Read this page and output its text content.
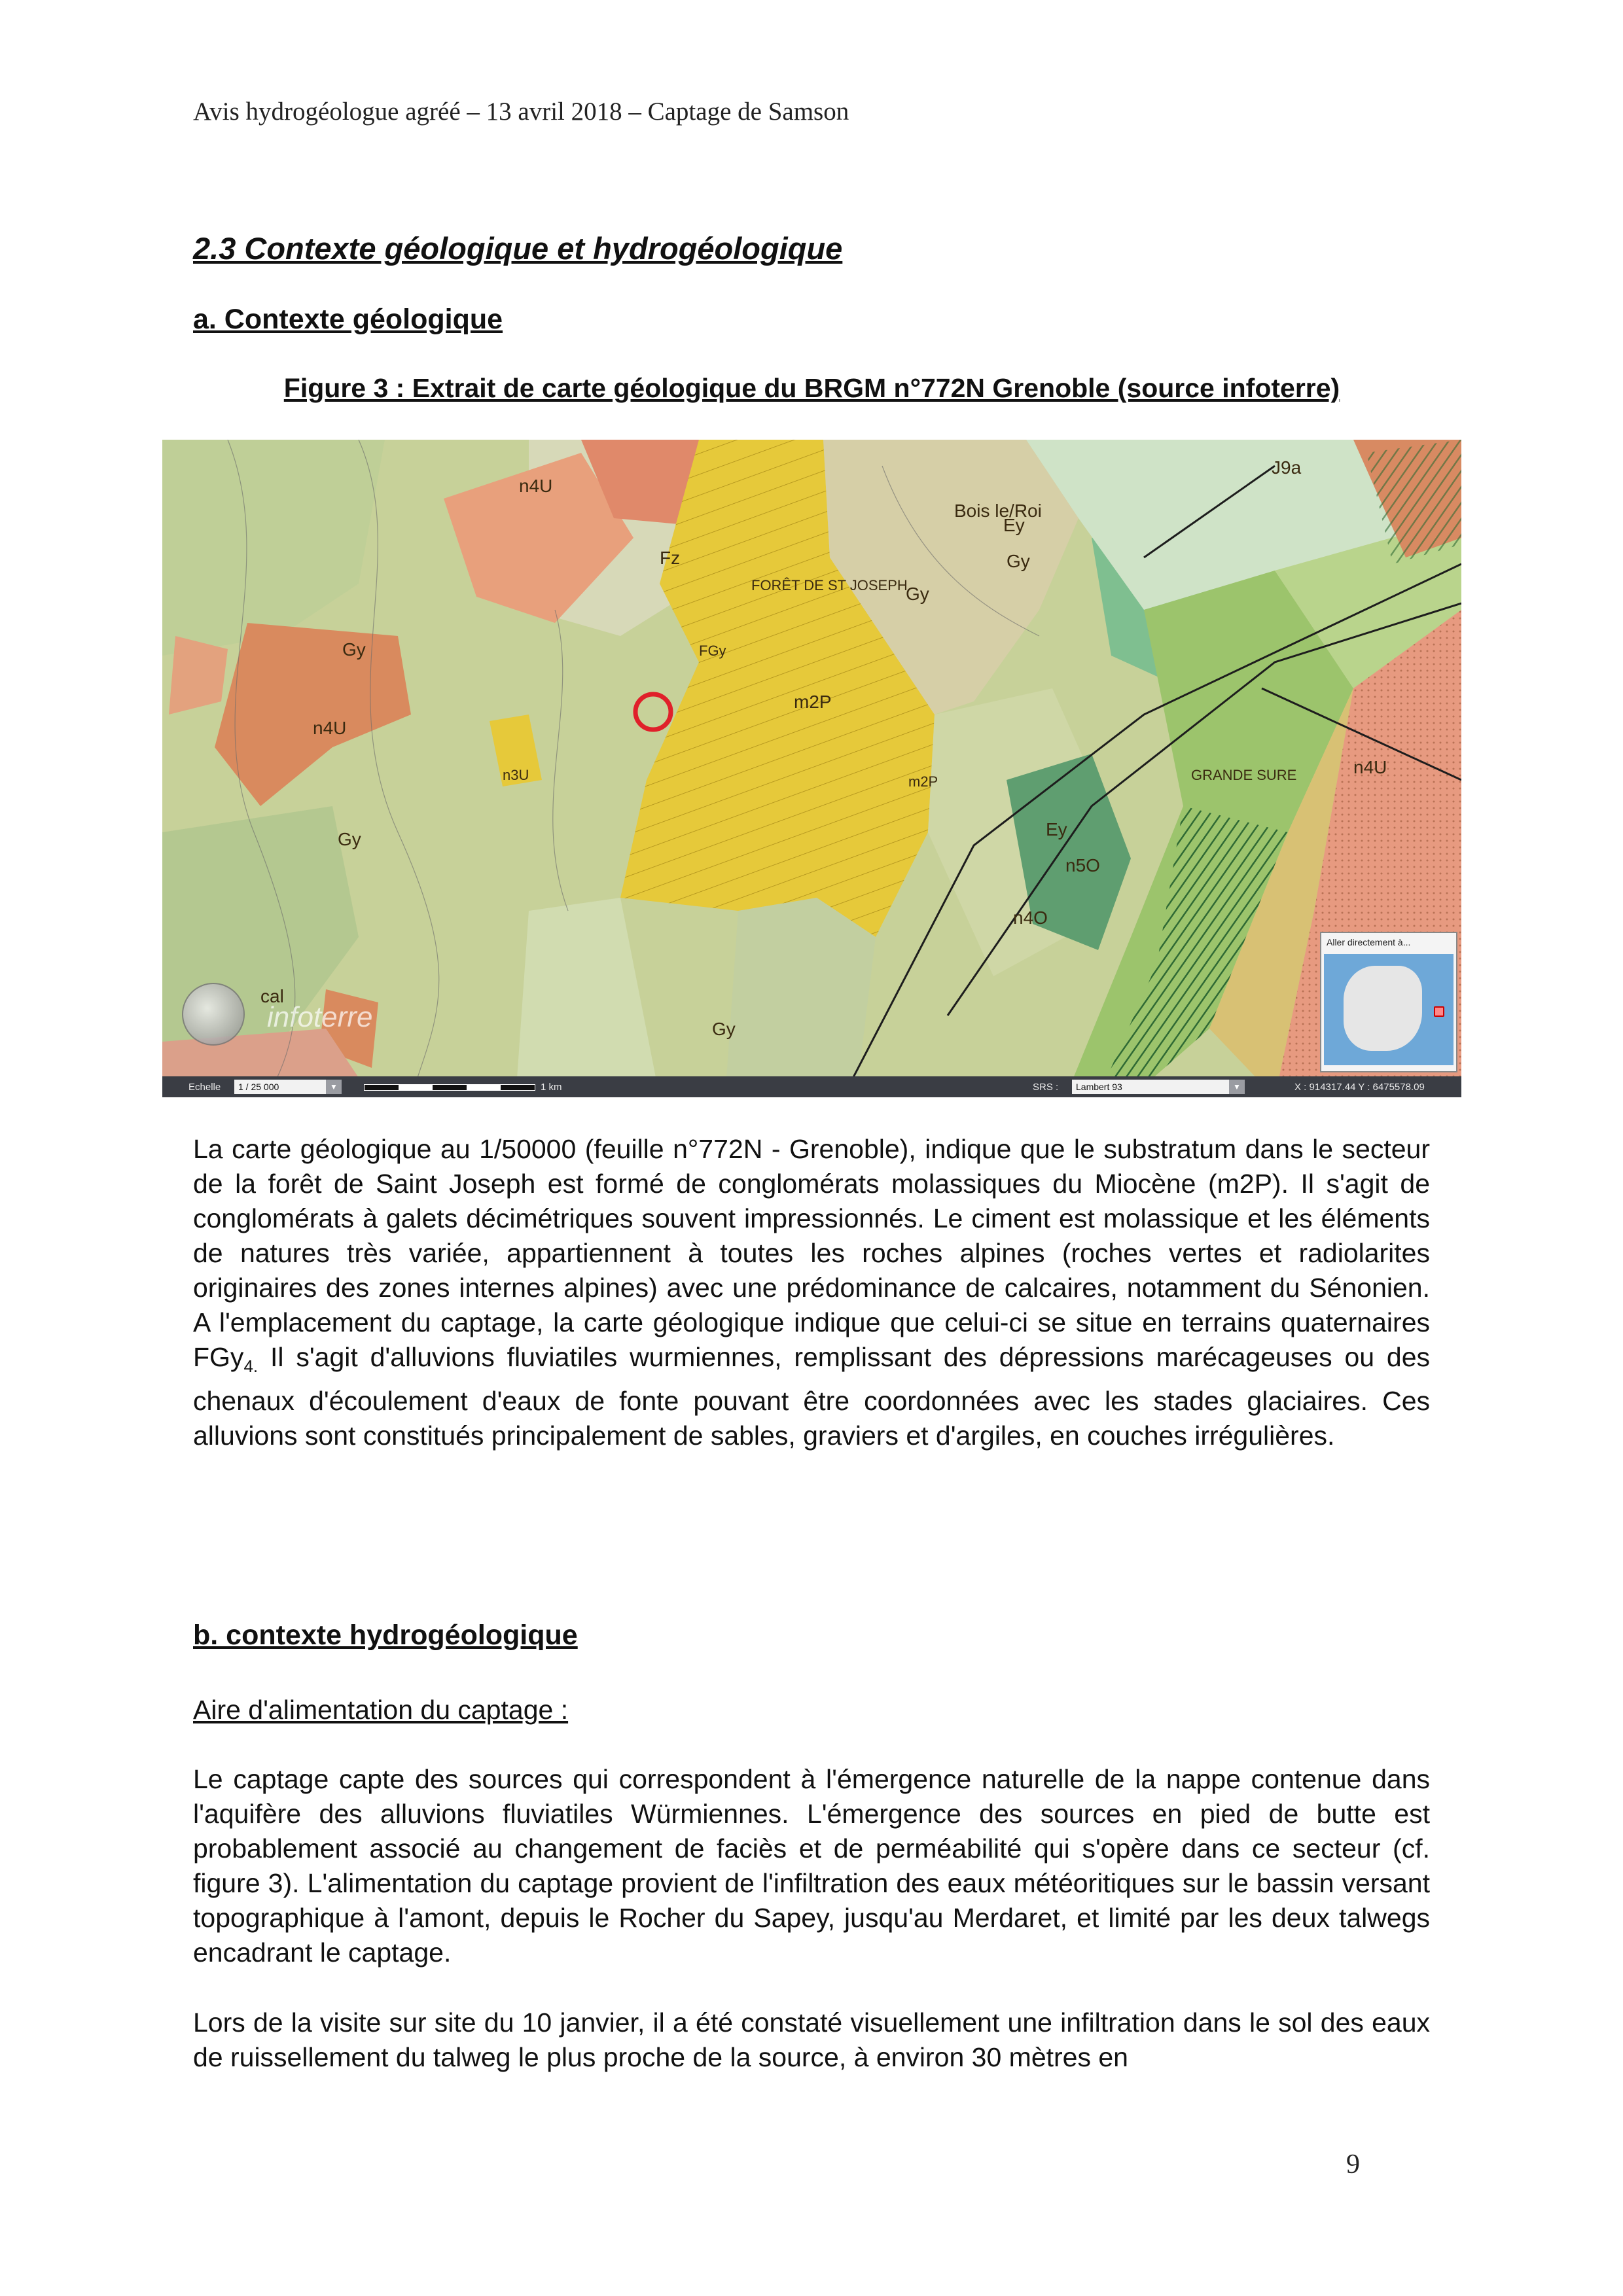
Avis hydrogéologue agréé – 13 avril 2018 – Captage de Samson
2.3 Contexte géologique et hydrogéologique
a. Contexte géologique
Figure 3 : Extrait de carte géologique du BRGM n°772N Grenoble (source infoterre)
Bois le/Roi
FORÊT DE ST JOSEPH
m2P
m2P
FGy
Fz
Gy
Gy
Gy
Gy
Gy
n4U
n4U
n4U
n3U
n4O
n5O
J9a
Ey
Ey
cal
GRANDE SURE
infoterre
Aller directement à...
Echelle	1 / 25 000	▼	1 km	SRS :	Lambert 93	▼	X : 914317.44 Y : 6475578.09

La carte géologique au 1/50000 (feuille n°772N - Grenoble), indique que le substratum dans le secteur de la forêt de Saint Joseph est formé de conglomérats molassiques du Miocène (m2P). Il s'agit de conglomérats à galets décimétriques souvent impressionnés. Le ciment est molassique et les éléments de natures très variée, appartiennent à toutes les roches alpines (roches vertes et radiolarites originaires des zones internes alpines) avec une prédominance de calcaires, notamment du Sénonien. A l'emplacement du captage, la carte géologique indique que celui-ci se situe en terrains quaternaires FGy$_{4.}$ Il s'agit d'alluvions fluviatiles wurmiennes, remplissant des dépressions marécageuses ou des chenaux d'écoulement d'eaux de fonte pouvant être coordonnées avec les stades glaciaires. Ces alluvions sont constitués principalement de sables, graviers et d'argiles, en couches irrégulières.

b. contexte hydrogéologique
Aire d'alimentation du captage :

Le captage capte des sources qui correspondent à l'émergence naturelle de la nappe contenue dans l'aquifère des alluvions fluviatiles Würmiennes. L'émergence des sources en pied de butte est probablement associé au changement de faciès et de perméabilité qui s'opère dans ce secteur (cf. figure 3). L'alimentation du captage provient de l'infiltration des eaux météoritiques sur le bassin versant topographique à l'amont, depuis le Rocher du Sapey, jusqu'au Merdaret, et limité par les deux talwegs encadrant le captage.

Lors de la visite sur site du 10 janvier, il a été constaté visuellement une infiltration dans le sol des eaux de ruissellement du talweg le plus proche de la source, à environ 30 mètres en

9
